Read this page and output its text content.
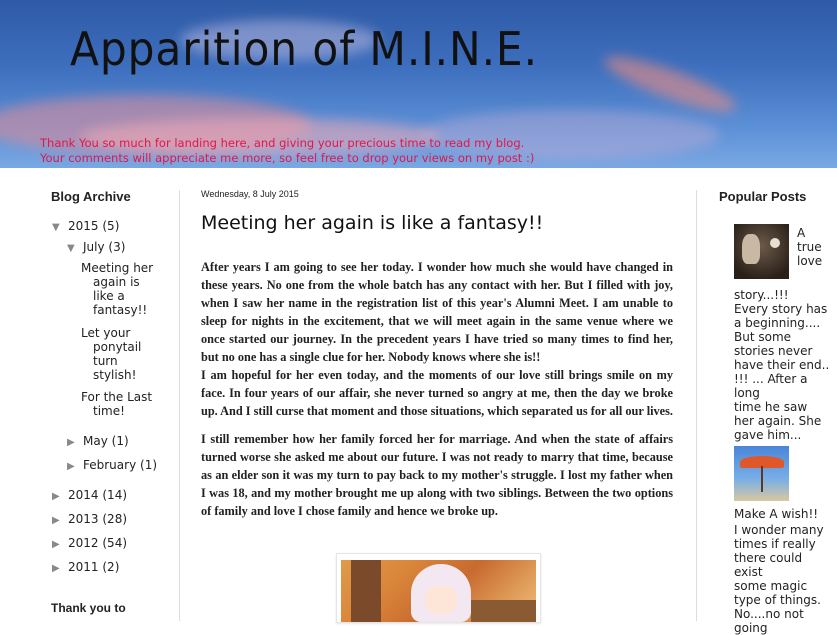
Apparition of M.I.N.E.
Thank You so much for landing here, and giving your precious time to read my blog.
Your comments will appreciate me more, so feel free to drop your views on my post :)
Blog Archive
▼ 2015 (5)
▼ July (3)
Meeting her
again is
like a
fantasy!!
Let your
ponytail
turn
stylish!
For the Last
time!
▶ May (1)
▶ February (1)
▶ 2014 (14)
▶ 2013 (28)
▶ 2012 (54)
▶ 2011 (2)
Thank you to
Wednesday, 8 July 2015
Meeting her again is like a fantasy!!
After years I am going to see her today. I wonder how much she would have changed in these years. No one from the whole batch has any contact with her. But I filled with joy, when I saw her name in the registration list of this year's Alumni Meet. I am unable to sleep for nights in the excitement, that we will meet again in the same venue where we once started our journey. In the precedent years I have tried so many times to find her, but no one has a single clue for her. Nobody knows where she is!!
I am hopeful for her even today, and the moments of our love still brings smile on my face. In four years of our affair, she never turned so angry at me, then the day we broke up. And I still curse that moment and those situations, which separated us for all our lives.
I still remember how her family forced her for marriage. And when the state of affairs turned worse she asked me about our future. I was not ready to marry that time, because as an elder son it was my turn to pay back to my mother's struggle. I lost my father when I was 18, and my mother brought me up along with two siblings. Between the two options of family and love I chose family and hence we broke up.
Popular Posts
A
true
love
story...!!!
Every story has
a beginning....
But some
stories never
have their end..
!!! ... After a long
time he saw
her again. She
gave him...
Make A wish!!
I wonder many
times if really
there could exist
some magic
type of things.
No....no not
going
